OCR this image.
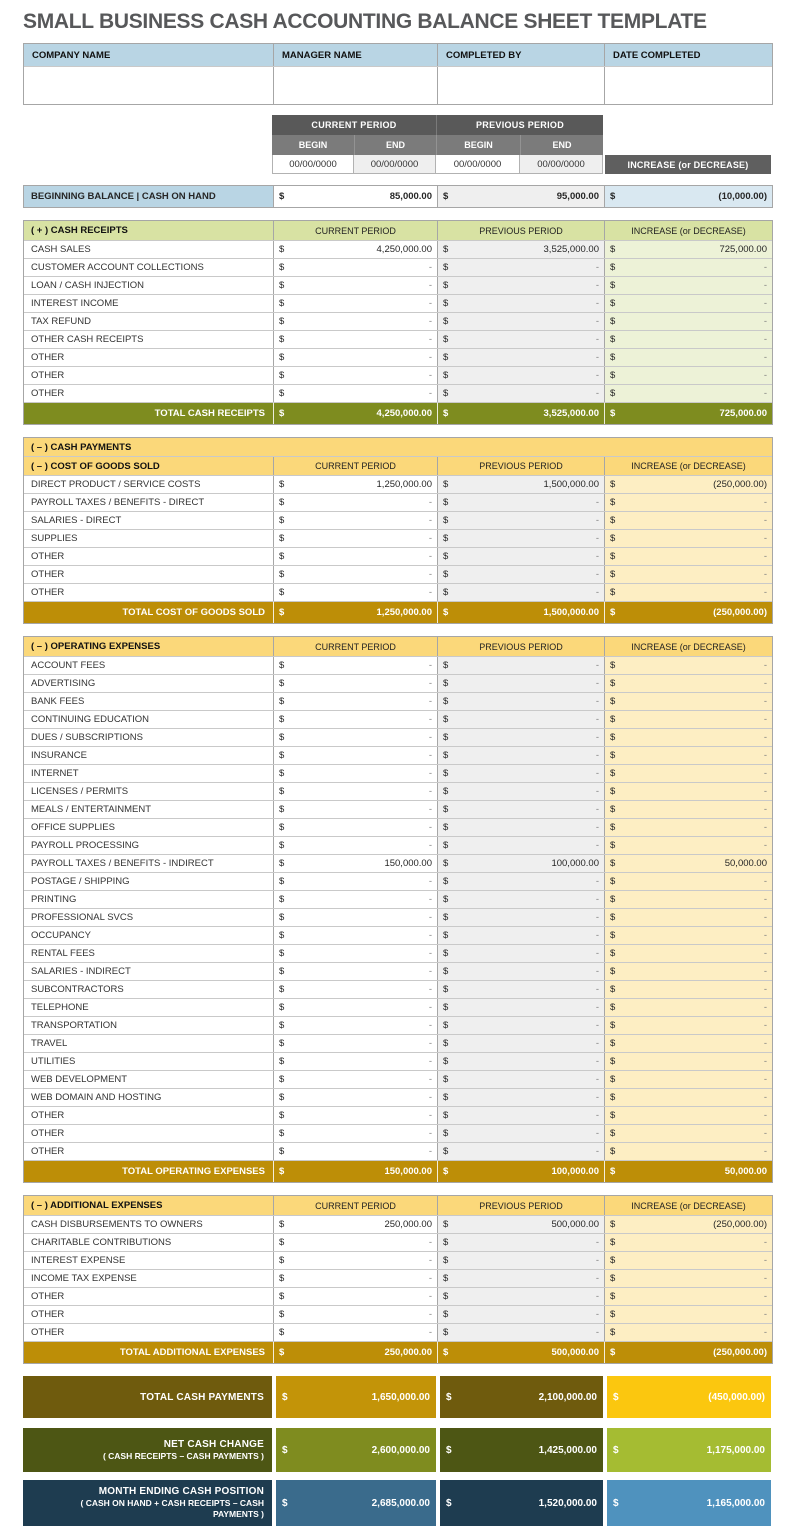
SMALL BUSINESS CASH ACCOUNTING BALANCE SHEET TEMPLATE
COMPANY NAME	MANAGER NAME	COMPLETED BY	DATE COMPLETED
CURRENT PERIOD	PREVIOUS PERIOD
BEGIN	END	BEGIN	END
00/00/0000	00/00/0000	00/00/0000	00/00/0000	INCREASE (or DECREASE)
BEGINNING BALANCE | CASH ON HAND	$	85,000.00 $	95,000.00 $	(10,000.00)
( + ) CASH RECEIPTS	CURRENT PERIOD	PREVIOUS PERIOD	INCREASE (or DECREASE)
CASH SALES	$	4,250,000.00 $	3,525,000.00 $	725,000.00
CUSTOMER ACCOUNT COLLECTIONS	$	- $	- $	-
LOAN / CASH INJECTION	$	- $	- $	-
INTEREST INCOME	$	- $	- $	-
TAX REFUND	$	- $	- $	-
OTHER CASH RECEIPTS	$	- $	- $	-
OTHER	$	- $	- $	-
OTHER	$	- $	- $	-
OTHER	$	- $	- $	-
TOTAL CASH RECEIPTS	$	4,250,000.00 $	3,525,000.00 $	725,000.00
( – ) CASH PAYMENTS
( – ) COST OF GOODS SOLD	CURRENT PERIOD	PREVIOUS PERIOD	INCREASE (or DECREASE)
DIRECT PRODUCT / SERVICE COSTS	$	1,250,000.00 $	1,500,000.00 $	(250,000.00)
PAYROLL TAXES / BENEFITS - DIRECT	$	- $	- $	-
SALARIES - DIRECT	$	- $	- $	-
SUPPLIES	$	- $	- $	-
OTHER	$	- $	- $	-
OTHER	$	- $	- $	-
OTHER	$	- $	- $	-
TOTAL COST OF GOODS SOLD	$	1,250,000.00 $	1,500,000.00 $	(250,000.00)
( – ) OPERATING EXPENSES	CURRENT PERIOD	PREVIOUS PERIOD	INCREASE (or DECREASE)
ACCOUNT FEES	$	- $	- $	-
ADVERTISING	$	- $	- $	-
BANK FEES	$	- $	- $	-
CONTINUING EDUCATION	$	- $	- $	-
DUES / SUBSCRIPTIONS	$	- $	- $	-
INSURANCE	$	- $	- $	-
INTERNET	$	- $	- $	-
LICENSES / PERMITS	$	- $	- $	-
MEALS / ENTERTAINMENT	$	- $	- $	-
OFFICE SUPPLIES	$	- $	- $	-
PAYROLL PROCESSING	$	- $	- $	-
PAYROLL TAXES / BENEFITS - INDIRECT	$	150,000.00 $	100,000.00 $	50,000.00
POSTAGE / SHIPPING	$	- $	- $	-
PRINTING	$	- $	- $	-
PROFESSIONAL SVCS	$	- $	- $	-
OCCUPANCY	$	- $	- $	-
RENTAL FEES	$	- $	- $	-
SALARIES - INDIRECT	$	- $	- $	-
SUBCONTRACTORS	$	- $	- $	-
TELEPHONE	$	- $	- $	-
TRANSPORTATION	$	- $	- $	-
TRAVEL	$	- $	- $	-
UTILITIES	$	- $	- $	-
WEB DEVELOPMENT	$	- $	- $	-
WEB DOMAIN AND HOSTING	$	- $	- $	-
OTHER	$	- $	- $	-
OTHER	$	- $	- $	-
OTHER	$	- $	- $	-
TOTAL OPERATING EXPENSES	$	150,000.00 $	100,000.00 $	50,000.00
( – ) ADDITIONAL EXPENSES	CURRENT PERIOD	PREVIOUS PERIOD	INCREASE (or DECREASE)
CASH DISBURSEMENTS TO OWNERS	$	250,000.00 $	500,000.00 $	(250,000.00)
CHARITABLE CONTRIBUTIONS	$	- $	- $	-
INTEREST EXPENSE	$	- $	- $	-
INCOME TAX EXPENSE	$	- $	- $	-
OTHER	$	- $	- $	-
OTHER	$	- $	- $	-
OTHER	$	- $	- $	-
TOTAL ADDITIONAL EXPENSES	$	250,000.00 $	500,000.00 $	(250,000.00)
TOTAL CASH PAYMENTS $	1,650,000.00 $	2,100,000.00 $	(450,000.00)
NET CASH CHANGE
( CASH RECEIPTS – CASH PAYMENTS )
$	2,600,000.00 $	1,425,000.00 $	1,175,000.00
MONTH ENDING CASH POSITION
( CASH ON HAND + CASH RECEIPTS – CASH PAYMENTS )
$	2,685,000.00 $	1,520,000.00 $	1,165,000.00
